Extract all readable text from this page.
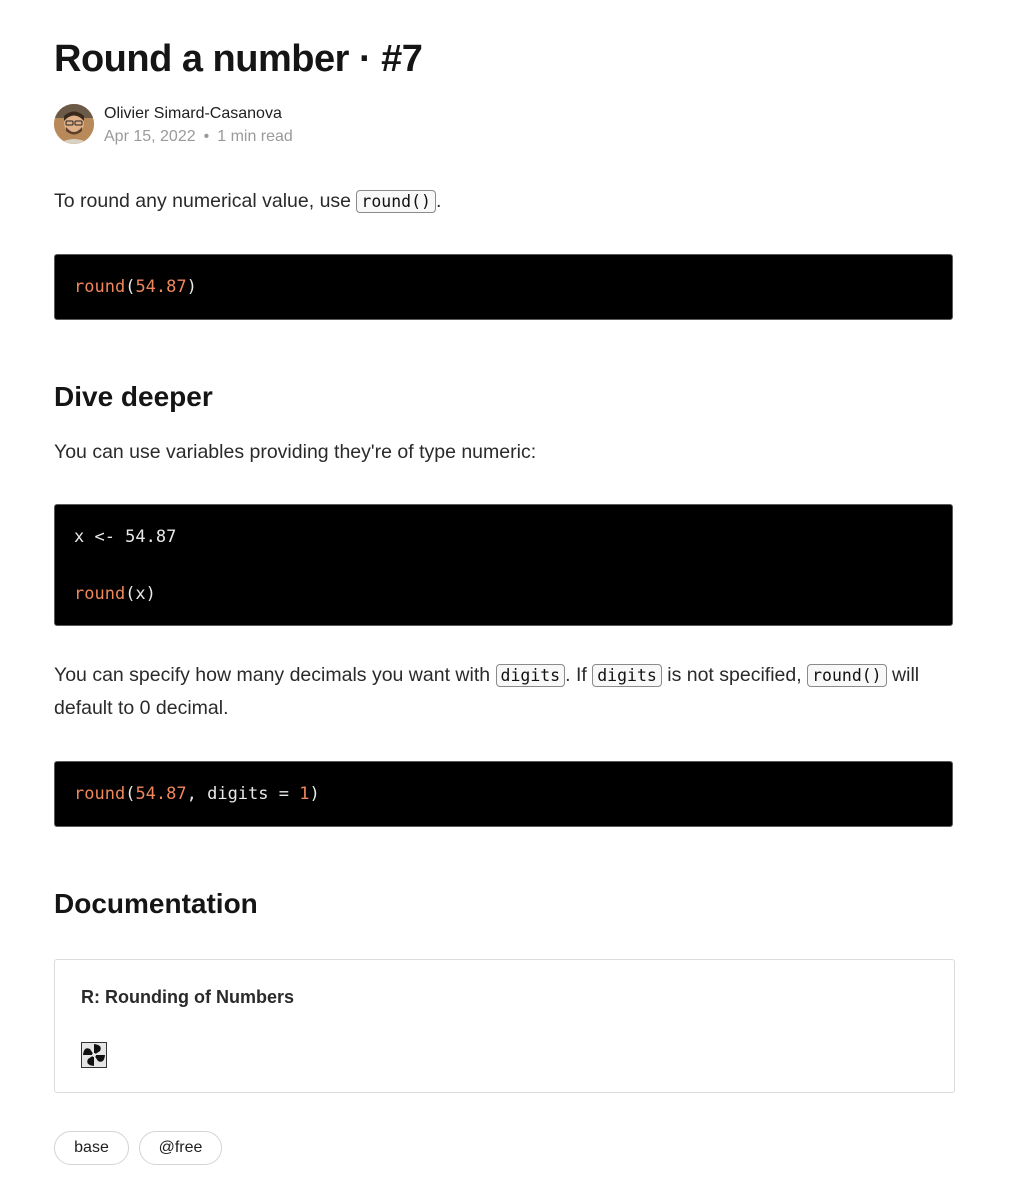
Round a number · #7
Olivier Simard-Casanova
Apr 15, 2022 • 1 min read

To round any numerical value, use round() .

round(54.87)
Dive deeper

You can use variables providing they're of type numeric:

x <- 54.87
round(x)

You can specify how many decimals you want with digits . If digits is not specified, round() will default to 0 decimal.

round(54.87, digits = 1)
Documentation
R: Rounding of Numbers
base	@free
